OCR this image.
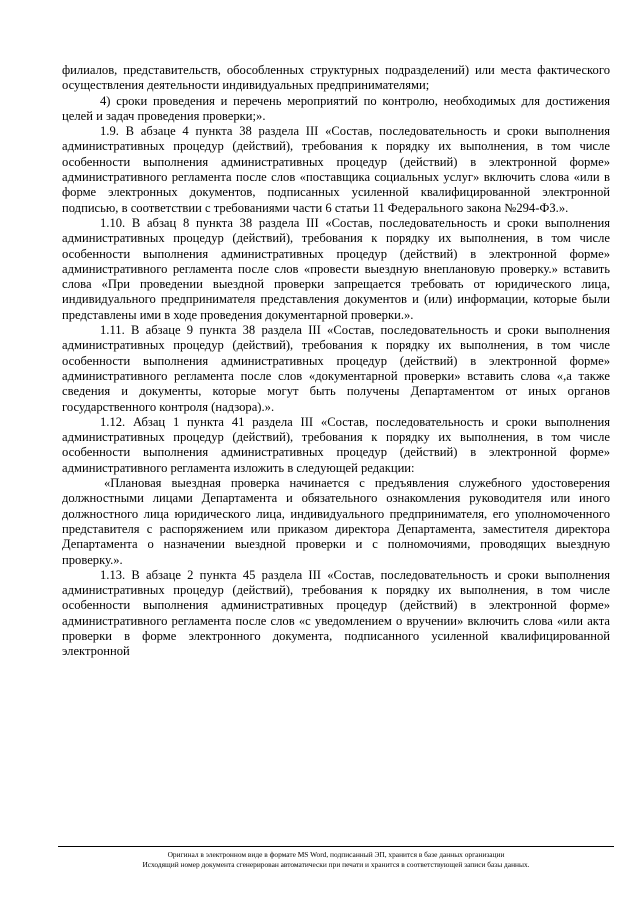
филиалов, представительств, обособленных структурных подразделений) или места фактического осуществления деятельности индивидуальных предпринимателями;

4) сроки проведения и перечень мероприятий по контролю, необходимых для достижения целей и задач проведения проверки;».

1.9. В абзаце 4 пункта 38 раздела III «Состав, последовательность и сроки выполнения административных процедур (действий), требования к порядку их выполнения, в том числе особенности выполнения административных процедур (действий) в электронной форме» административного регламента после слов «поставщика социальных услуг» включить слова «или в форме электронных документов, подписанных усиленной квалифицированной электронной подписью, в соответствии с требованиями части 6 статьи 11 Федерального закона №294-ФЗ.».

1.10. В абзац 8 пункта 38 раздела III «Состав, последовательность и сроки выполнения административных процедур (действий), требования к порядку их выполнения, в том числе особенности выполнения административных процедур (действий) в электронной форме» административного регламента после слов «провести выездную внеплановую проверку.» вставить слова «При проведении выездной проверки запрещается требовать от юридического лица, индивидуального предпринимателя представления документов и (или) информации, которые были представлены ими в ходе проведения документарной проверки.».

1.11. В абзаце 9 пункта 38 раздела III «Состав, последовательность и сроки выполнения административных процедур (действий), требования к порядку их выполнения, в том числе особенности выполнения административных процедур (действий) в электронной форме» административного регламента после слов «документарной проверки» вставить слова «,а также сведения и документы, которые могут быть получены Департаментом от иных органов государственного контроля (надзора).».

1.12. Абзац 1 пункта 41 раздела III «Состав, последовательность и сроки выполнения административных процедур (действий), требования к порядку их выполнения, в том числе особенности выполнения административных процедур (действий) в электронной форме» административного регламента изложить в следующей редакции:

«Плановая выездная проверка начинается с предъявления служебного удостоверения должностными лицами Департамента и обязательного ознакомления руководителя или иного должностного лица юридического лица, индивидуального предпринимателя, его уполномоченного представителя с распоряжением или приказом директора Департамента, заместителя директора Департамента о назначении выездной проверки и с полномочиями, проводящих выездную проверку.».

1.13. В абзаце 2 пункта 45 раздела III «Состав, последовательность и сроки выполнения административных процедур (действий), требования к порядку их выполнения, в том числе особенности выполнения административных процедур (действий) в электронной форме» административного регламента после слов «с уведомлением о вручении» включить слова «или акта проверки в форме электронного документа, подписанного усиленной квалифицированной электронной

Оригинал в электронном виде в формате MS Word, подписанный ЭП, хранится в базе данных организации
Исходящий номер документа сгенерирован автоматически при печати и хранится в соответствующей записи базы данных.
